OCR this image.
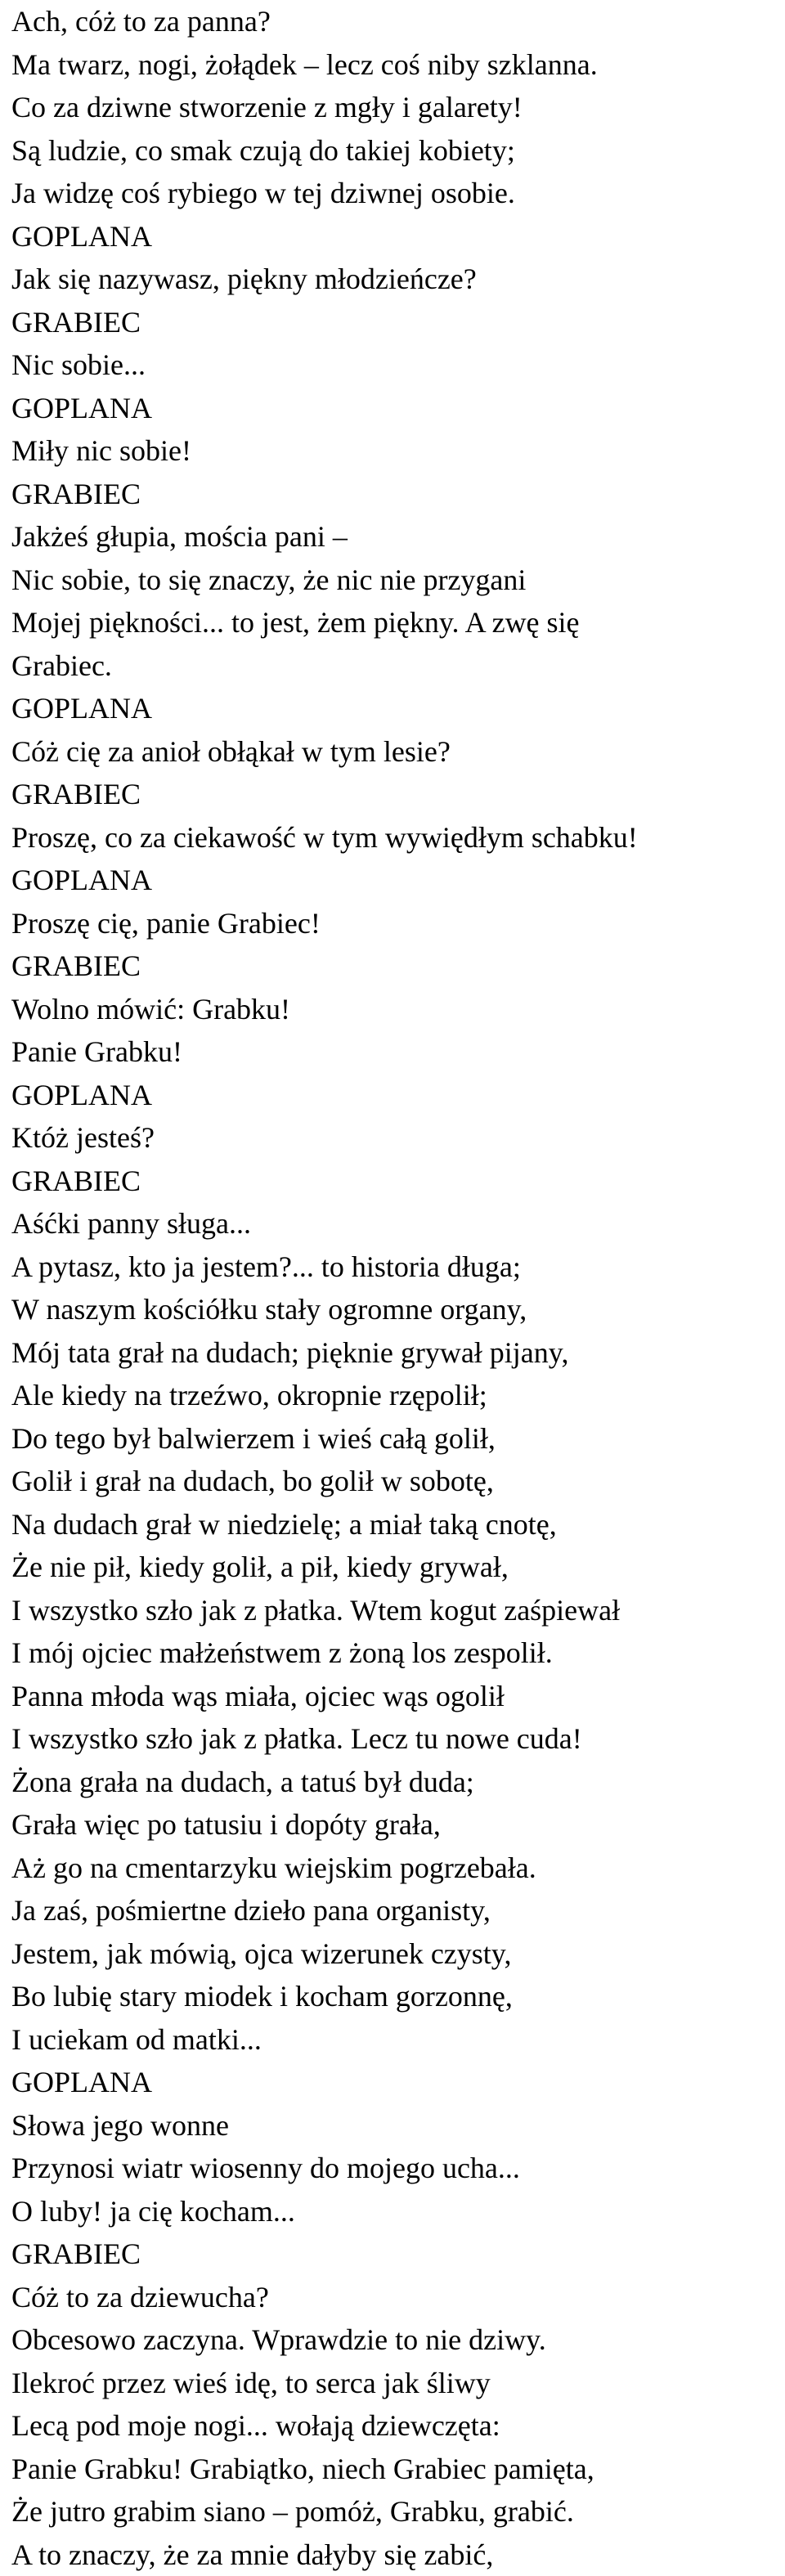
Ach, cóż to za panna?
Ma twarz, nogi, żołądek – lecz coś niby szklanna.
Co za dziwne stworzenie z mgły i galarety!
Są ludzie, co smak czują do takiej kobiety;
Ja widzę coś rybiego w tej dziwnej osobie.
GOPLANA
Jak się nazywasz, piękny młodzieńcze?
GRABIEC
Nic sobie...
GOPLANA
Miły nic sobie!
GRABIEC
Jakżeś głupia, mościa pani –
Nic sobie, to się znaczy, że nic nie przygani
Mojej piękności... to jest, żem piękny. A zwę się
Grabiec.
GOPLANA
Cóż cię za anioł obłąkał w tym lesie?
GRABIEC
Proszę, co za ciekawość w tym wywiędłym schabku!
GOPLANA
Proszę cię, panie Grabiec!
GRABIEC
Wolno mówić: Grabku!
Panie Grabku!
GOPLANA
Któż jesteś?
GRABIEC
Aśćki panny sługa...
A pytasz, kto ja jestem?... to historia długa;
W naszym kościółku stały ogromne organy,
Mój tata grał na dudach; pięknie grywał pijany,
Ale kiedy na trzeźwo, okropnie rzępolił;
Do tego był balwierzem i wieś całą golił,
Golił i grał na dudach, bo golił w sobotę,
Na dudach grał w niedzielę; a miał taką cnotę,
Że nie pił, kiedy golił, a pił, kiedy grywał,
I wszystko szło jak z płatka. Wtem kogut zaśpiewał
I mój ojciec małżeństwem z żoną los zespolił.
Panna młoda wąs miała, ojciec wąs ogolił
I wszystko szło jak z płatka. Lecz tu nowe cuda!
Żona grała na dudach, a tatuś był duda;
Grała więc po tatusiu i dopóty grała,
Aż go na cmentarzyku wiejskim pogrzebała.
Ja zaś, pośmiertne dzieło pana organisty,
Jestem, jak mówią, ojca wizerunek czysty,
Bo lubię stary miodek i kocham gorzonnę,
I uciekam od matki...
GOPLANA
Słowa jego wonne
Przynosi wiatr wiosenny do mojego ucha...
O luby! ja cię kocham...
GRABIEC
Cóż to za dziewucha?
Obcesowo zaczyna. Wprawdzie to nie dziwy.
Ilekroć przez wieś idę, to serca jak śliwy
Lecą pod moje nogi... wołają dziewczęta:
Panie Grabku! Grabiątko, niech Grabiec pamięta,
Że jutro grabim siano – pomóż, Grabku, grabić.
A to znaczy, że za mnie dałyby się zabić,
